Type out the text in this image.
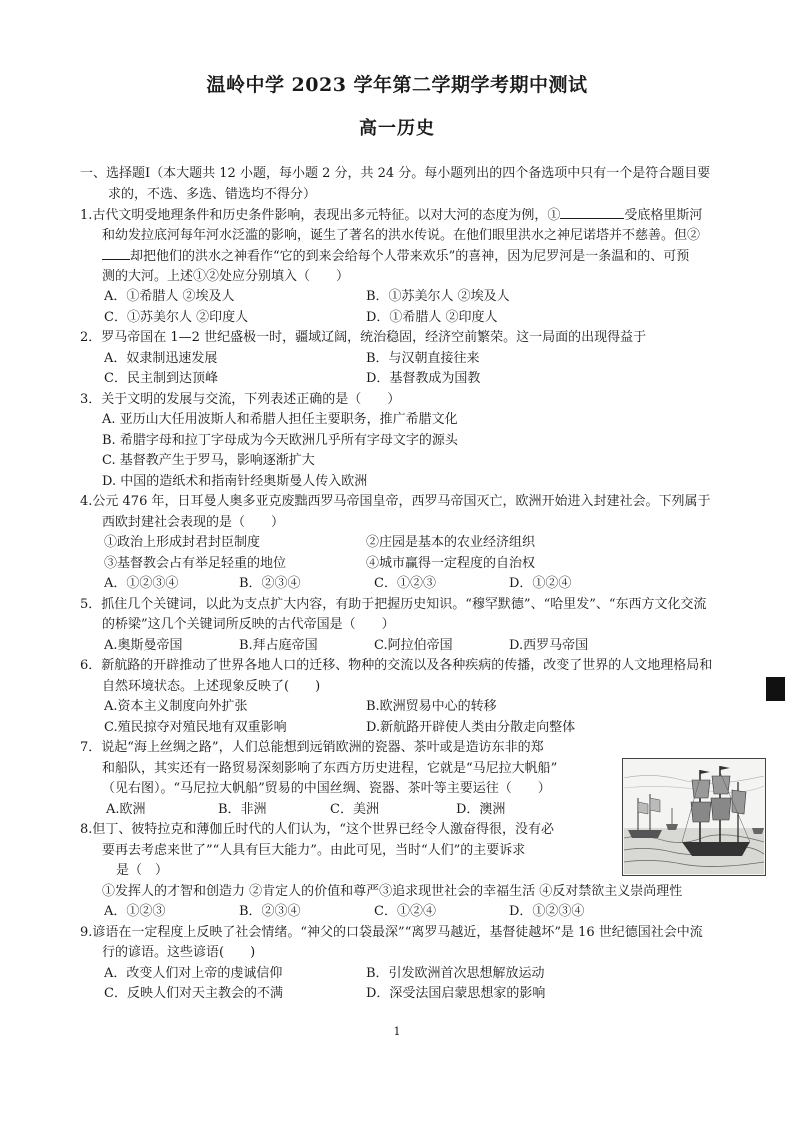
温岭中学 2023 学年第二学期学考期中测试
高一历史
一、选择题Ⅰ（本大题共 12 小题，每小题 2 分，共 24 分。每小题列出的四个备选项中只有一个是符合题目要
求的，不选、多选、错选均不得分）
1.古代文明受地理条件和历史条件影响，表现出多元特征。以对大河的态度为例，①	受底格里斯河
和幼发拉底河每年河水泛滥的影响，诞生了著名的洪水传说。在他们眼里洪水之神尼诺塔并不慈善。但②
却把他们的洪水之神看作“它的到来会给每个人带来欢乐”的喜神，因为尼罗河是一条温和的、可预
测的大河。上述①②处应分别填入（　　）
A．①希腊人 ②埃及人	B．①苏美尔人 ②埃及人
C．①苏美尔人 ②印度人	D．①希腊人 ②印度人
2．罗马帝国在 1—2 世纪盛极一时，疆域辽阔，统治稳固，经济空前繁荣。这一局面的出现得益于
A．奴隶制迅速发展	B．与汉朝直接往来
C．民主制到达顶峰	D．基督教成为国教
3．关于文明的发展与交流，下列表述正确的是（　　）
A. 亚历山大任用波斯人和希腊人担任主要职务，推广希腊文化
B. 希腊字母和拉丁字母成为今天欧洲几乎所有字母文字的源头
C. 基督教产生于罗马，影响逐渐扩大
D. 中国的造纸术和指南针经奥斯曼人传入欧洲
4.公元 476 年，日耳曼人奥多亚克废黜西罗马帝国皇帝，西罗马帝国灭亡，欧洲开始进入封建社会。下列属于
西欧封建社会表现的是（　　）
①政治上形成封君封臣制度	②庄园是基本的农业经济组织
③基督教会占有举足轻重的地位	④城市赢得一定程度的自治权
A．①②③④	B．②③④	C．①②③	D．①②④
5．抓住几个关键词，以此为支点扩大内容，有助于把握历史知识。“穆罕默德”、“哈里发”、“东西方文化交流
的桥梁”这几个关键词所反映的古代帝国是（　　）
A.奥斯曼帝国	B.拜占庭帝国	C.阿拉伯帝国	D.西罗马帝国
6．新航路的开辟推动了世界各地人口的迁移、物种的交流以及各种疾病的传播，改变了世界的人文地理格局和
自然环境状态。上述现象反映了(　　)
A.资本主义制度向外扩张	B.欧洲贸易中心的转移
C.殖民掠夺对殖民地有双重影响	D.新航路开辟使人类由分散走向整体
7．说起“海上丝绸之路”，人们总能想到远销欧洲的瓷器、茶叶或是造访东非的郑
和船队，其实还有一路贸易深刻影响了东西方历史进程，它就是“马尼拉大帆船”
（见右图）。“马尼拉大帆船”贸易的中国丝绸、瓷器、茶叶等主要运往（　　）
A.欧洲	B．非洲	C．美洲	D．澳洲
8.但丁、彼特拉克和薄伽丘时代的人们认为，“这个世界已经令人激奋得很，没有必
要再去考虑来世了”“人具有巨大能力”。由此可见，当时“人们”的主要诉求
是（　）
①发挥人的才智和创造力 ②肯定人的价值和尊严③追求现世社会的幸福生活 ④反对禁欲主义崇尚理性
A．①②③	B．②③④	C．①②④	D．①②③④
9.谚语在一定程度上反映了社会情绪。“神父的口袋最深”“离罗马越近，基督徒越坏”是 16 世纪德国社会中流
行的谚语。这些谚语(　　)
A．改变人们对上帝的虔诚信仰	B．引发欧洲首次思想解放运动
C．反映人们对天主教会的不满	D．深受法国启蒙思想家的影响
1
